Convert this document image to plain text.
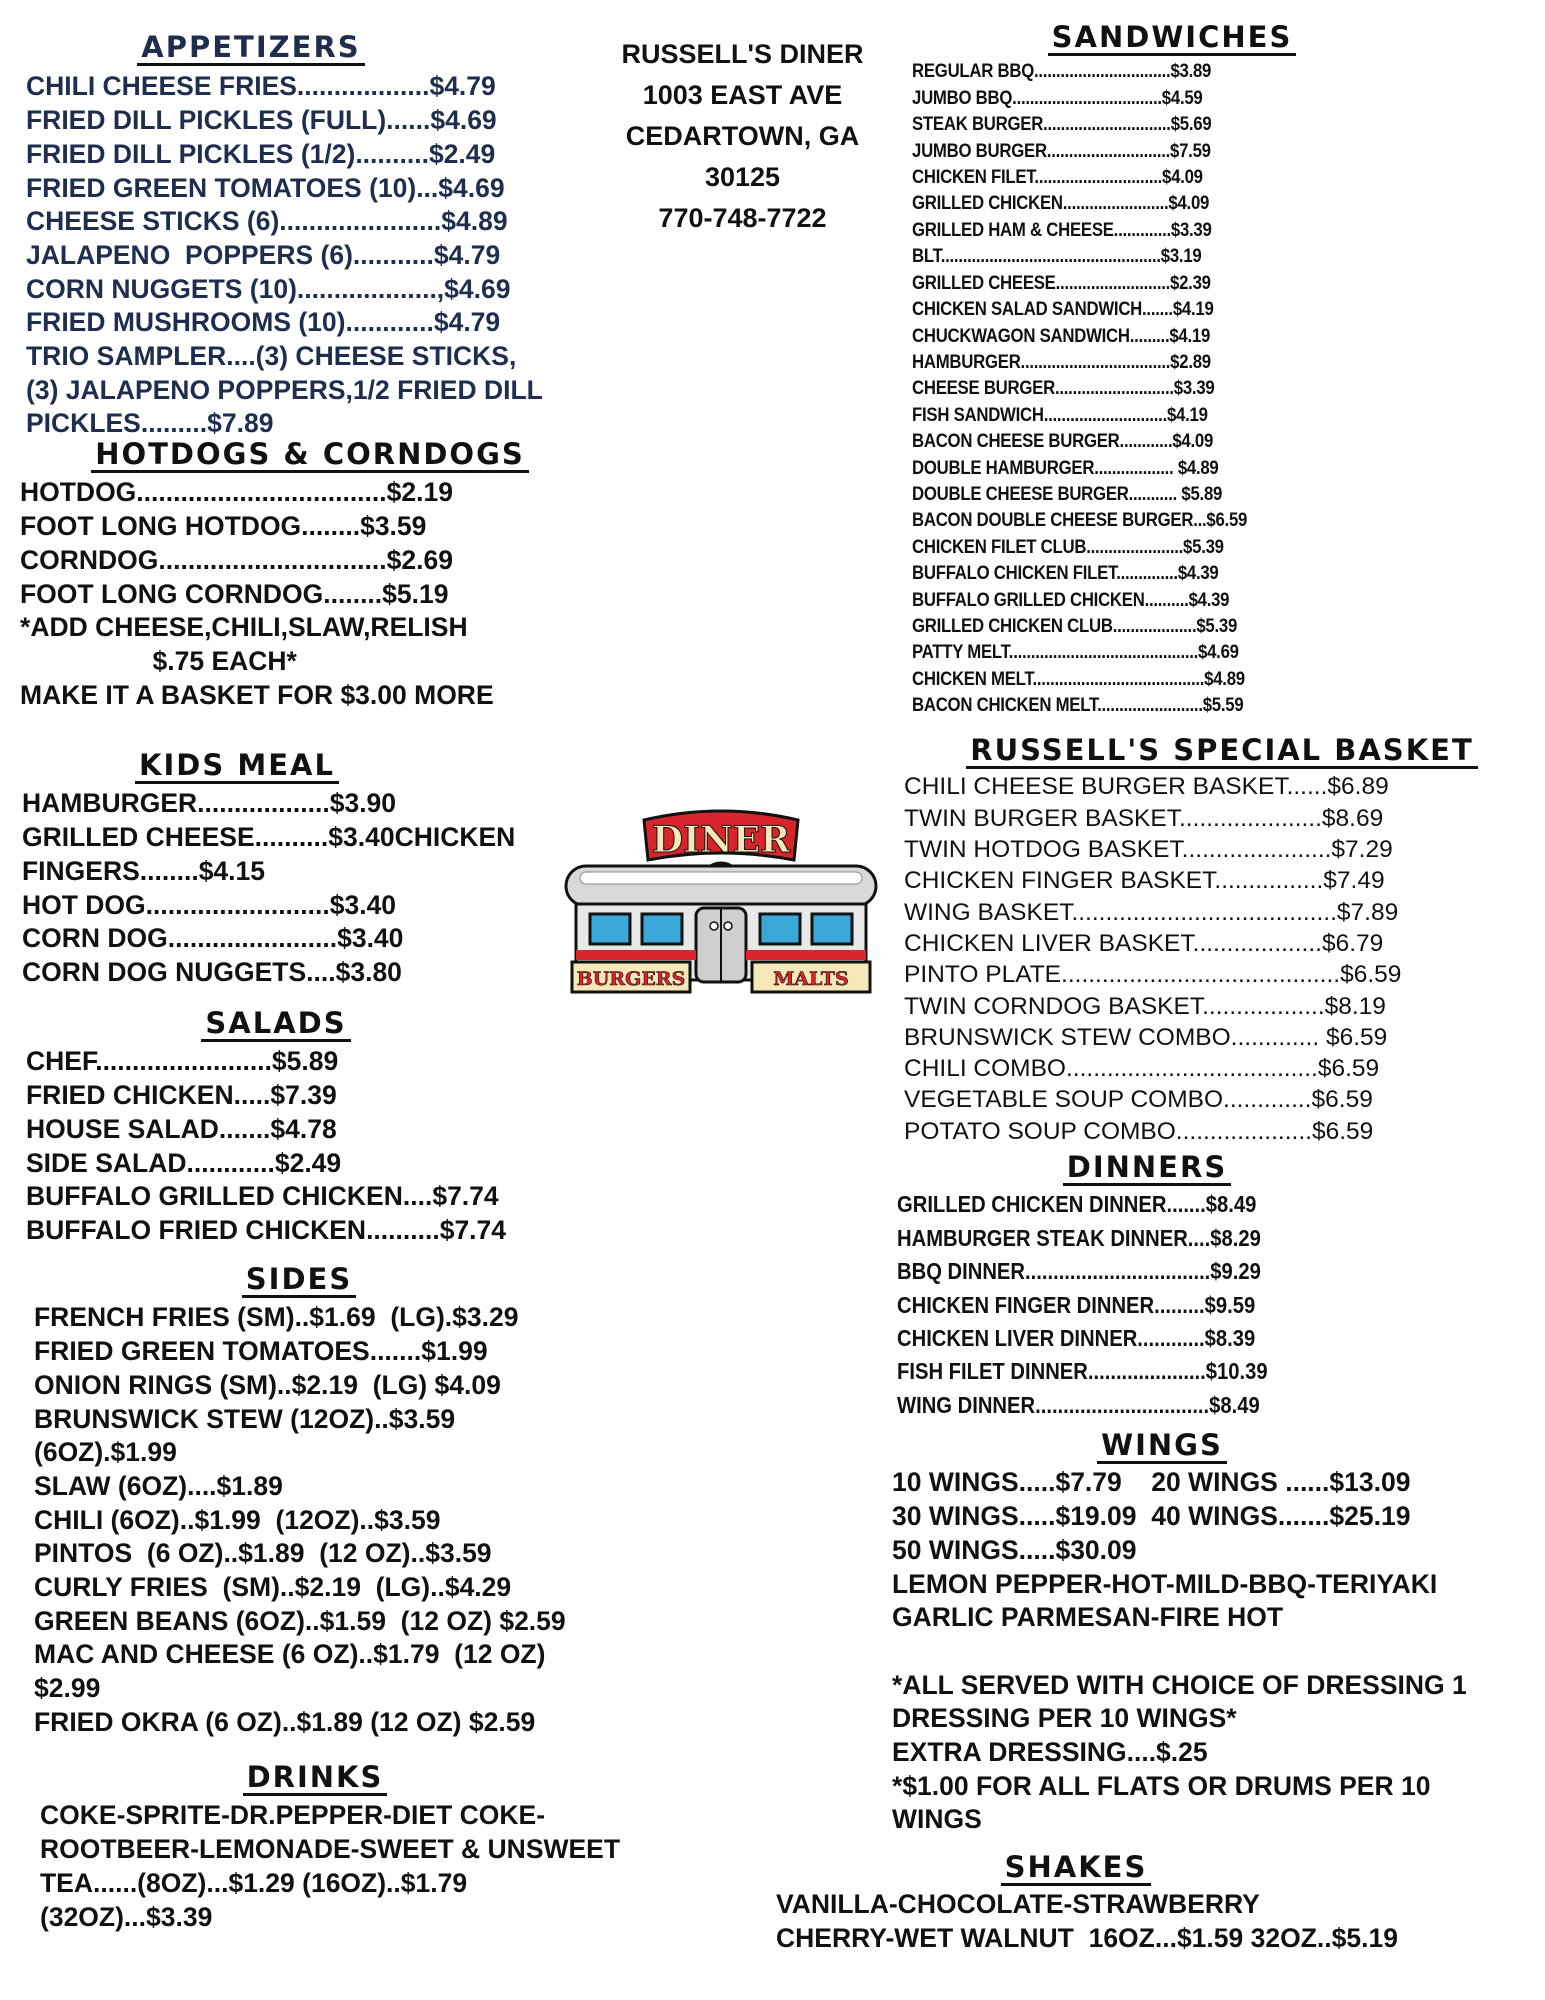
APPETIZERS
CHILI CHEESE FRIES..................$4.79
FRIED DILL PICKLES (FULL)......$4.69
FRIED DILL PICKLES (1/2)..........$2.49
FRIED GREEN TOMATOES (10)...$4.69
CHEESE STICKS (6)......................$4.89
JALAPENO  POPPERS (6)...........$4.79
CORN NUGGETS (10)...................,$4.69
FRIED MUSHROOMS (10)............$4.79
TRIO SAMPLER....(3) CHEESE STICKS,
(3) JALAPENO POPPERS,1/2 FRIED DILL
PICKLES.........$7.89
HOTDOGS & CORNDOGS
HOTDOG..................................$2.19
FOOT LONG HOTDOG........$3.59
CORNDOG...............................$2.69
FOOT LONG CORNDOG........$5.19
*ADD CHEESE,CHILI,SLAW,RELISH
$.75 EACH*
MAKE IT A BASKET FOR $3.00 MORE
KIDS MEAL
HAMBURGER..................$3.90
GRILLED CHEESE..........$3.40CHICKEN
FINGERS........$4.15
HOT DOG.........................$3.40
CORN DOG.......................$3.40
CORN DOG NUGGETS....$3.80
SALADS
CHEF........................$5.89
FRIED CHICKEN.....$7.39
HOUSE SALAD.......$4.78
SIDE SALAD............$2.49
BUFFALO GRILLED CHICKEN....$7.74
BUFFALO FRIED CHICKEN..........$7.74
SIDES
FRENCH FRIES (SM)..$1.69  (LG).$3.29
FRIED GREEN TOMATOES.......$1.99
ONION RINGS (SM)..$2.19  (LG) $4.09
BRUNSWICK STEW (12OZ)..$3.59
(6OZ).$1.99
SLAW (6OZ)....$1.89
CHILI (6OZ)..$1.99  (12OZ)..$3.59
PINTOS  (6 OZ)..$1.89  (12 OZ)..$3.59
CURLY FRIES  (SM)..$2.19  (LG)..$4.29
GREEN BEANS (6OZ)..$1.59  (12 OZ) $2.59
MAC AND CHEESE (6 OZ)..$1.79  (12 OZ)
$2.99
FRIED OKRA (6 OZ)..$1.89 (12 OZ) $2.59
DRINKS
COKE-SPRITE-DR.PEPPER-DIET COKE-
ROOTBEER-LEMONADE-SWEET & UNSWEET
TEA......(8OZ)...$1.29 (16OZ)..$1.79
(32OZ)...$3.39
RUSSELL'S DINER
1003 EAST AVE
CEDARTOWN, GA
30125
770-748-7722
DINER
BURGERS	MALTS
SANDWICHES
REGULAR BBQ...............................$3.89
JUMBO BBQ..................................$4.59
STEAK BURGER.............................$5.69
JUMBO BURGER............................$7.59
CHICKEN FILET.............................$4.09
GRILLED CHICKEN........................$4.09
GRILLED HAM & CHEESE.............$3.39
BLT..................................................$3.19
GRILLED CHEESE..........................$2.39
CHICKEN SALAD SANDWICH.......$4.19
CHUCKWAGON SANDWICH.........$4.19
HAMBURGER..................................$2.89
CHEESE BURGER...........................$3.39
FISH SANDWICH............................$4.19
BACON CHEESE BURGER............$4.09
DOUBLE HAMBURGER.................. $4.89
DOUBLE CHEESE BURGER........... $5.89
BACON DOUBLE CHEESE BURGER...$6.59
CHICKEN FILET CLUB......................$5.39
BUFFALO CHICKEN FILET..............$4.39
BUFFALO GRILLED CHICKEN..........$4.39
GRILLED CHICKEN CLUB...................$5.39
PATTY MELT...........................................$4.69
CHICKEN MELT.......................................$4.89
BACON CHICKEN MELT........................$5.59
RUSSELL'S SPECIAL BASKET
CHILI CHEESE BURGER BASKET......$6.89
TWIN BURGER BASKET.....................$8.69
TWIN HOTDOG BASKET......................$7.29
CHICKEN FINGER BASKET................$7.49
WING BASKET.......................................$7.89
CHICKEN LIVER BASKET...................$6.79
PINTO PLATE.........................................$6.59
TWIN CORNDOG BASKET..................$8.19
BRUNSWICK STEW COMBO............. $6.59
CHILI COMBO.....................................$6.59
VEGETABLE SOUP COMBO.............$6.59
POTATO SOUP COMBO....................$6.59
DINNERS
GRILLED CHICKEN DINNER.......$8.49
HAMBURGER STEAK DINNER....$8.29
BBQ DINNER.................................$9.29
CHICKEN FINGER DINNER.........$9.59
CHICKEN LIVER DINNER............$8.39
FISH FILET DINNER.....................$10.39
WING DINNER...............................$8.49
WINGS
10 WINGS.....$7.79    20 WINGS ......$13.09
30 WINGS.....$19.09  40 WINGS.......$25.19
50 WINGS.....$30.09
LEMON PEPPER-HOT-MILD-BBQ-TERIYAKI
GARLIC PARMESAN-FIRE HOT

*ALL SERVED WITH CHOICE OF DRESSING 1
DRESSING PER 10 WINGS*
EXTRA DRESSING....$.25
*$1.00 FOR ALL FLATS OR DRUMS PER 10
WINGS
SHAKES
VANILLA-CHOCOLATE-STRAWBERRY
CHERRY-WET WALNUT  16OZ...$1.59 32OZ..$5.19
